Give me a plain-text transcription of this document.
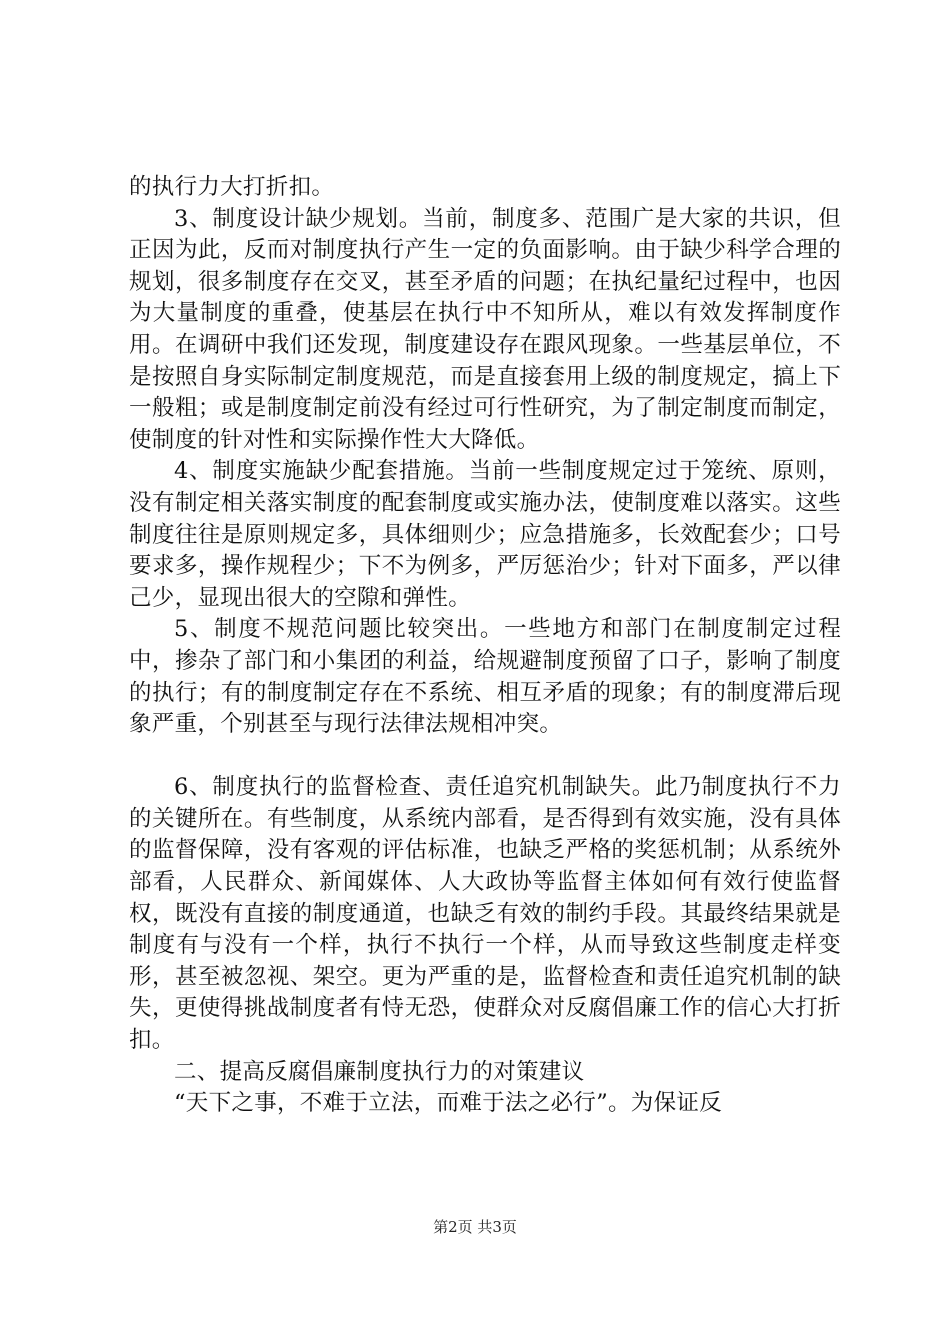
的执行力大打折扣。

3、制度设计缺少规划。当前，制度多、范围广是大家的共识，但正因为此，反而对制度执行产生一定的负面影响。由于缺少科学合理的规划，很多制度存在交叉，甚至矛盾的问题；在执纪量纪过程中，也因为大量制度的重叠，使基层在执行中不知所从，难以有效发挥制度作用。在调研中我们还发现，制度建设存在跟风现象。一些基层单位，不是按照自身实际制定制度规范，而是直接套用上级的制度规定，搞上下一般粗；或是制度制定前没有经过可行性研究，为了制定制度而制定，使制度的针对性和实际操作性大大降低。

4、制度实施缺少配套措施。当前一些制度规定过于笼统、原则，没有制定相关落实制度的配套制度或实施办法，使制度难以落实。这些制度往往是原则规定多，具体细则少；应急措施多，长效配套少；口号要求多，操作规程少；下不为例多，严厉惩治少；针对下面多，严以律己少，显现出很大的空隙和弹性。

5、制度不规范问题比较突出。一些地方和部门在制度制定过程中，掺杂了部门和小集团的利益，给规避制度预留了口子，影响了制度的执行；有的制度制定存在不系统、相互矛盾的现象；有的制度滞后现象严重，个别甚至与现行法律法规相冲突。

6、制度执行的监督检查、责任追究机制缺失。此乃制度执行不力的关键所在。有些制度，从系统内部看，是否得到有效实施，没有具体的监督保障，没有客观的评估标准，也缺乏严格的奖惩机制；从系统外部看，人民群众、新闻媒体、人大政协等监督主体如何有效行使监督权，既没有直接的制度通道，也缺乏有效的制约手段。其最终结果就是制度有与没有一个样，执行不执行一个样，从而导致这些制度走样变形，甚至被忽视、架空。更为严重的是，监督检查和责任追究机制的缺失，更使得挑战制度者有恃无恐，使群众对反腐倡廉工作的信心大打折扣。

二、提高反腐倡廉制度执行力的对策建议

“天下之事，不难于立法，而难于法之必行”。为保证反

第2页 共3页
